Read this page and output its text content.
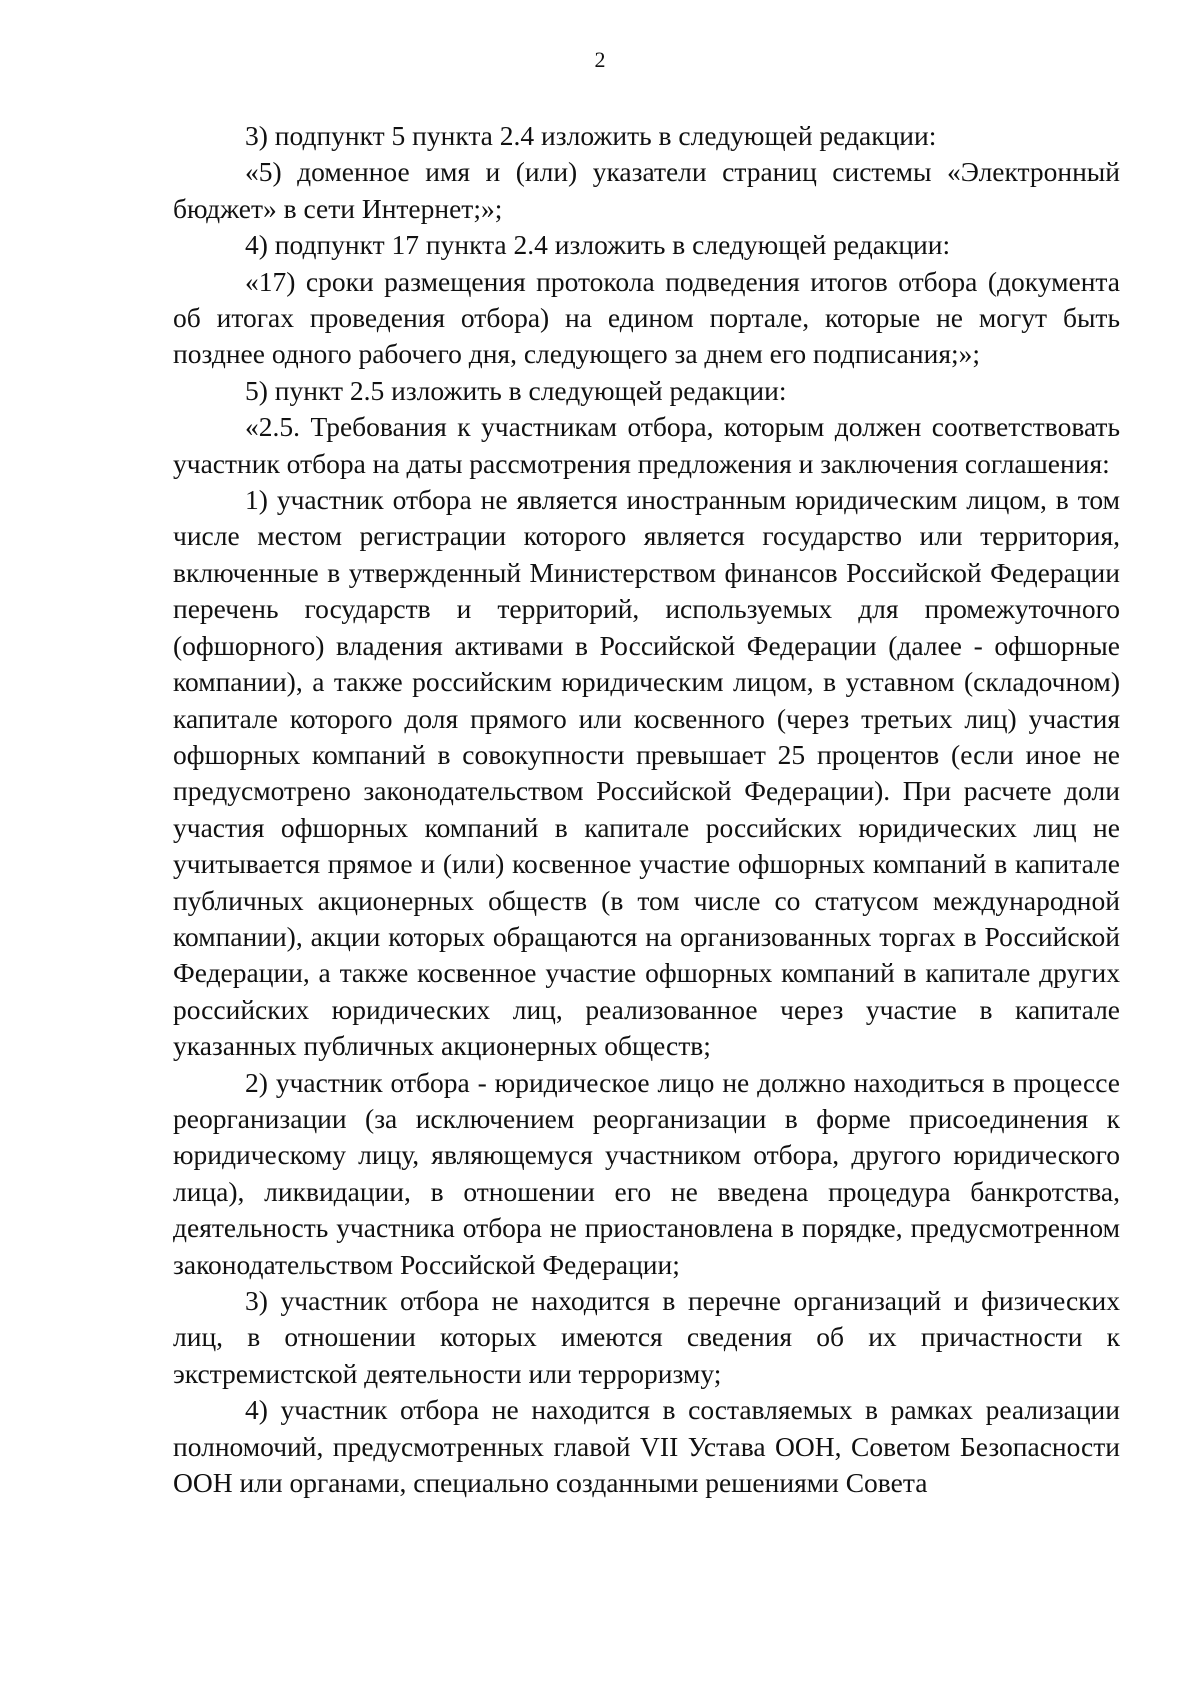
2

3) подпункт 5 пункта 2.4 изложить в следующей редакции:

«5) доменное имя и (или) указатели страниц системы «Электронный бюджет» в сети Интернет;»;

4) подпункт 17 пункта 2.4 изложить в следующей редакции:

«17) сроки размещения протокола подведения итогов отбора (документа об итогах проведения отбора) на едином портале, которые не могут быть позднее одного рабочего дня, следующего за днем его подписания;»;

5) пункт 2.5 изложить в следующей редакции:

«2.5. Требования к участникам отбора, которым должен соответствовать участник отбора на даты рассмотрения предложения и заключения соглашения:

1) участник отбора не является иностранным юридическим лицом, в том числе местом регистрации которого является государство или территория, включенные в утвержденный Министерством финансов Российской Федерации перечень государств и территорий, используемых для промежуточного (офшорного) владения активами в Российской Федерации (далее - офшорные компании), а также российским юридическим лицом, в уставном (складочном) капитале которого доля прямого или косвенного (через третьих лиц) участия офшорных компаний в совокупности превышает 25 процентов (если иное не предусмотрено законодательством Российской Федерации). При расчете доли участия офшорных компаний в капитале российских юридических лиц не учитывается прямое и (или) косвенное участие офшорных компаний в капитале публичных акционерных обществ (в том числе со статусом международной компании), акции которых обращаются на организованных торгах в Российской Федерации, а также косвенное участие офшорных компаний в капитале других российских юридических лиц, реализованное через участие в капитале указанных публичных акционерных обществ;

2) участник отбора - юридическое лицо не должно находиться в процессе реорганизации (за исключением реорганизации в форме присоединения к юридическому лицу, являющемуся участником отбора, другого юридического лица), ликвидации, в отношении его не введена процедура банкротства, деятельность участника отбора не приостановлена в порядке, предусмотренном законодательством Российской Федерации;

3) участник отбора не находится в перечне организаций и физических лиц, в отношении которых имеются сведения об их причастности к экстремистской деятельности или терроризму;

4) участник отбора не находится в составляемых в рамках реализации полномочий, предусмотренных главой VII Устава ООН, Советом Безопасности ООН или органами, специально созданными решениями Совета
